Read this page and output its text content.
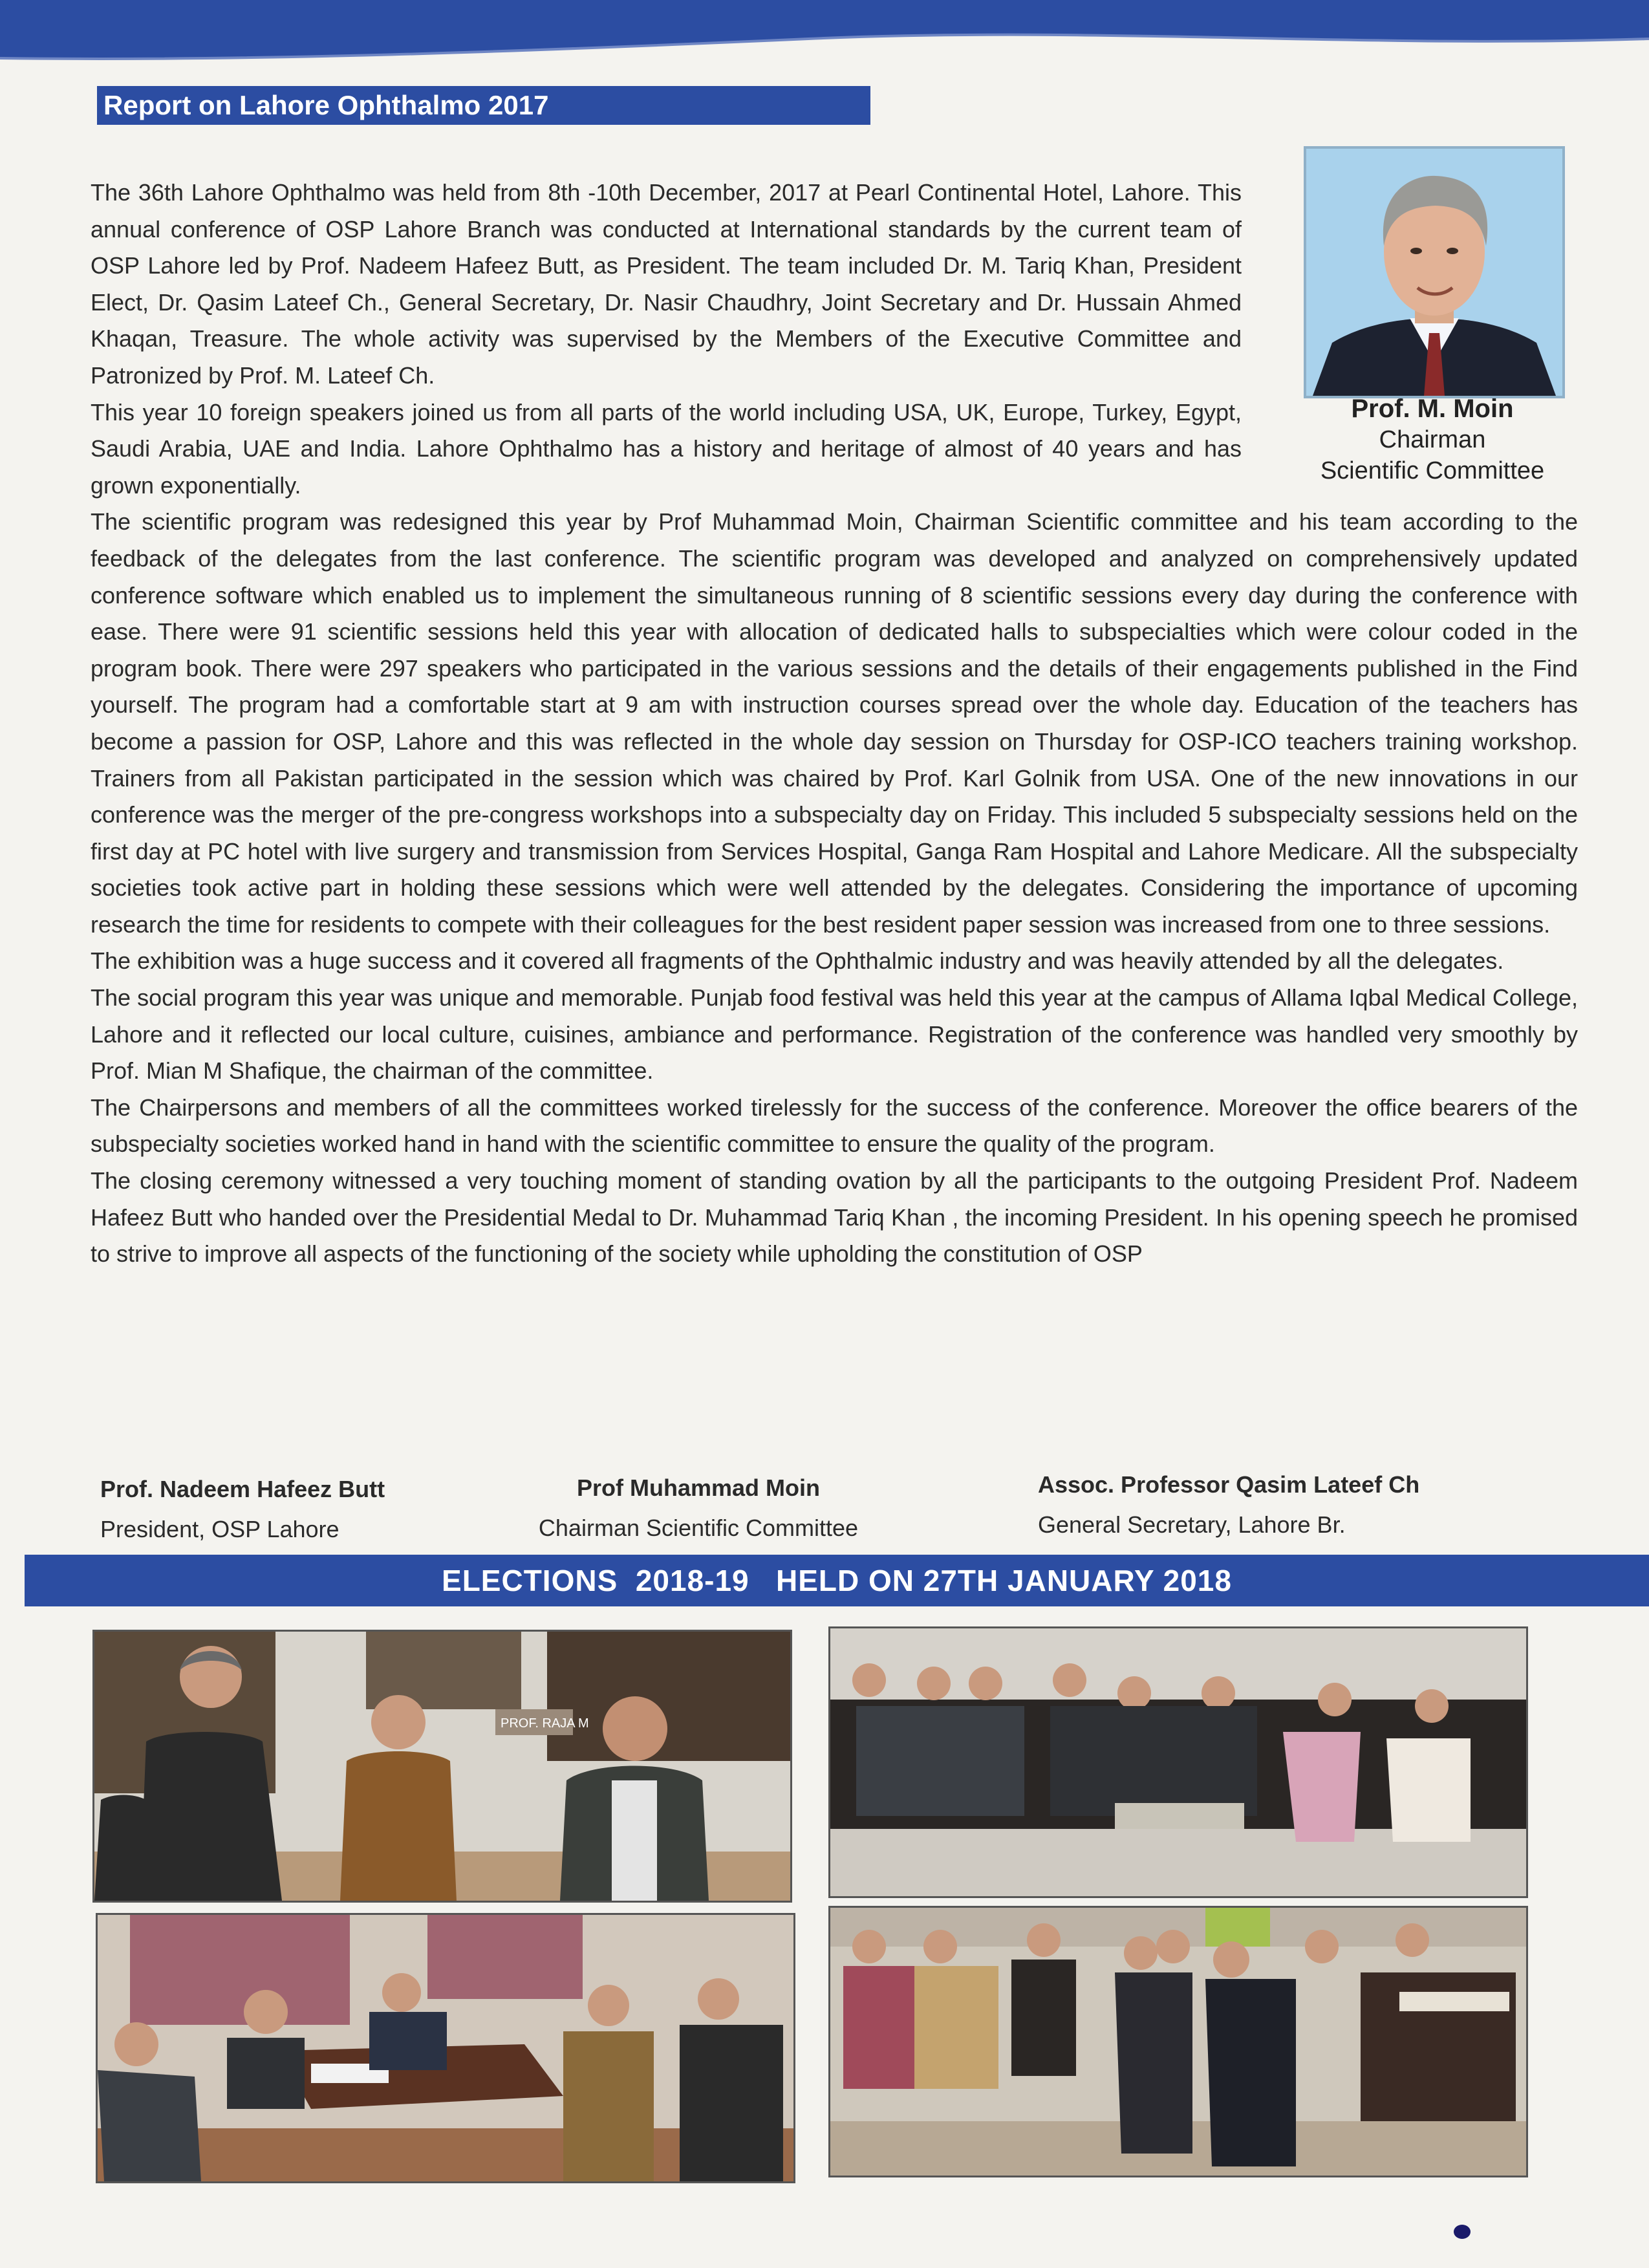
Report on Lahore Ophthalmo 2017
Prof. M. Moin
Chairman
Scientific Committee

The 36th Lahore Ophthalmo was held from 8th -10th December, 2017 at Pearl Continental Hotel, Lahore. This annual conference of OSP Lahore Branch was conducted at International standards by the current team of OSP Lahore led by Prof. Nadeem Hafeez Butt, as President. The team included Dr. M. Tariq Khan, President Elect, Dr. Qasim Lateef Ch., General Secretary, Dr. Nasir Chaudhry, Joint Secretary and Dr. Hussain Ahmed Khaqan, Treasure. The whole activity was supervised by the Members of the Executive Committee and Patronized by Prof. M. Lateef Ch.

This year 10 foreign speakers joined us from all parts of the world including USA, UK, Europe, Turkey, Egypt, Saudi Arabia, UAE and India. Lahore Ophthalmo has a history and heritage of almost of 40 years and has grown exponentially.

The scientific program was redesigned this year by Prof Muhammad Moin, Chairman Scientific committee and his team according to the feedback of the delegates from the last conference. The scientific program was developed and analyzed on comprehensively updated conference software which enabled us to implement the simultaneous running of 8 scientific sessions every day during the conference with ease. There were 91 scientific sessions held this year with allocation of dedicated halls to subspecialties which were colour coded in the program book. There were 297 speakers who participated in the various sessions and the details of their engagements published in the Find yourself. The program had a comfortable start at 9 am with instruction courses spread over the whole day. Education of the teachers has become a passion for OSP, Lahore and this was reflected in the whole day session on Thursday for OSP-ICO teachers training workshop. Trainers from all Pakistan participated in the session which was chaired by Prof. Karl Golnik from USA. One of the new innovations in our conference was the merger of the pre-congress workshops into a subspecialty day on Friday. This included 5 subspecialty sessions held on the first day at PC hotel with live surgery and transmission from Services Hospital, Ganga Ram Hospital and Lahore Medicare. All the subspecialty societies took active part in holding these sessions which were well attended by the delegates. Considering the importance of upcoming research the time for residents to compete with their colleagues for the best resident paper session was increased from one to three sessions.

The exhibition was a huge success and it covered all fragments of the Ophthalmic industry and was heavily attended by all the delegates.

The social program this year was unique and memorable. Punjab food festival was held this year at the campus of Allama Iqbal Medical College, Lahore and it reflected our local culture, cuisines, ambiance and performance. Registration of the conference was handled very smoothly by Prof. Mian M Shafique, the chairman of the committee.

The Chairpersons and members of all the committees worked tirelessly for the success of the conference. Moreover the office bearers of the subspecialty societies worked hand in hand with the scientific committee to ensure the quality of the program.

The closing ceremony witnessed a very touching moment of standing ovation by all the participants to the outgoing President Prof. Nadeem Hafeez Butt who handed over the Presidential Medal to Dr. Muhammad Tariq Khan , the incoming President. In his opening speech he promised to strive to improve all aspects of the functioning of the society while upholding the constitution of OSP

Prof. Nadeem Hafeez Butt
President, OSP Lahore
Prof Muhammad Moin
Chairman Scientific Committee
Assoc. Professor Qasim Lateef Ch
General Secretary, Lahore Br.
ELECTIONS  2018-19   HELD ON 27TH JANUARY 2018
PROF. RAJA M
